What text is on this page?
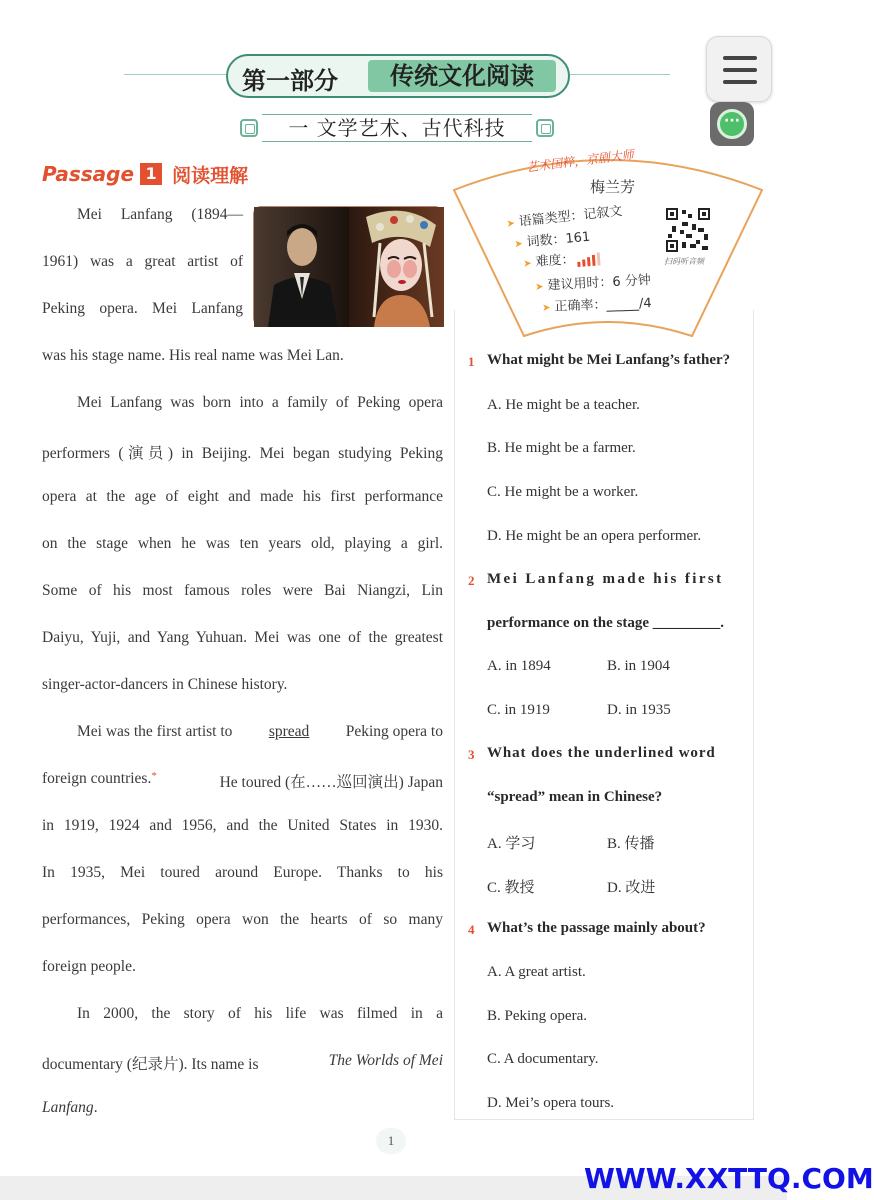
第一部分	传统文化阅读
一 文学艺术、古代科技	···
Passage 1 阅读理解
Mei Lanfang (1894—
1961) was a great artist of
Peking opera. Mei Lanfang
was his stage name. His real name was Mei Lan.
Mei Lanfang was born into a family of Peking opera
performers (演员) in Beijing. Mei began studying Peking
opera at the age of eight and made his first performance
on the stage when he was ten years old, playing a girl.
Some of his most famous roles were Bai Niangzi, Lin
Daiyu, Yuji, and Yang Yuhuan. Mei was one of the greatest
singer-actor-dancers in Chinese history.
Mei was the first artist to spread Peking opera to
foreign countries.*	He toured (在……巡回演出) Japan
in 1919, 1924 and 1956, and the United States in 1930.
In 1935, Mei toured around Europe. Thanks to his
performances, Peking opera won the hearts of so many
foreign people.
In 2000, the story of his life was filmed in a
documentary (纪录片). Its name is	The Worlds of Mei
Lanfang.
艺术国粹，京剧大师
梅兰芳
➤ 语篇类型：记叙文
➤ 词数：161
➤ 难度：
➤ 建议用时：6 分钟
➤ 正确率：_____/4
扫码听音频
1 What might be Mei Lanfang’s father?
A. He might be a teacher.
B. He might be a farmer.
C. He might be a worker.
D. He might be an opera performer.
2 Mei Lanfang made his first
performance on the stage _________.
A. in 1894	B. in 1904
C. in 1919	D. in 1935
3 What does the underlined word
“spread” mean in Chinese?
A. 学习	B. 传播
C. 教授	D. 改进
4 What’s the passage mainly about?
A. A great artist.
B. Peking opera.
C. A documentary.
D. Mei’s opera tours.
1
WWW.XXTTQ.COM
